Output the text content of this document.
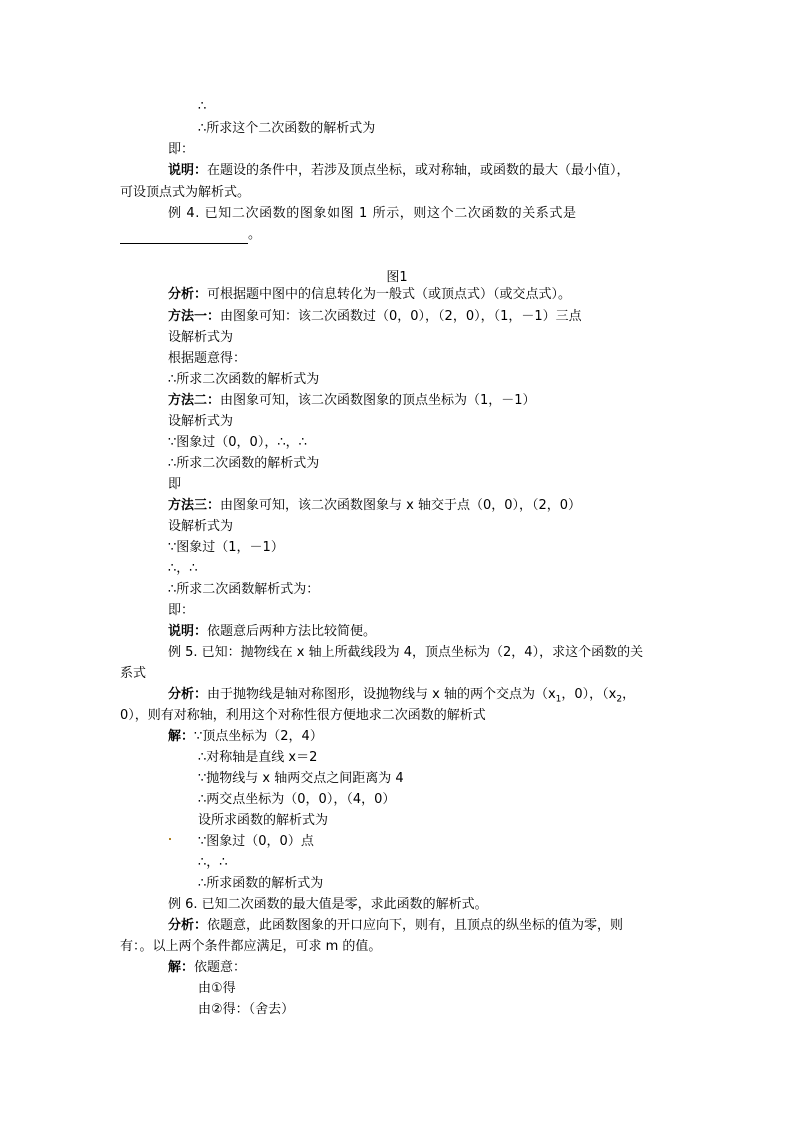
∴
∴所求这个二次函数的解析式为
即：
说明：在题设的条件中，若涉及顶点坐标，或对称轴，或函数的最大（最小值），
可设顶点式为解析式。
例 4. 已知二次函数的图象如图 1 所示，则这个二次函数的关系式是
。
图1
分析：可根据题中图中的信息转化为一般式（或顶点式）（或交点式）。
方法一：由图象可知：该二次函数过（0，0），（2，0），（1，－1）三点
设解析式为
根据题意得：
∴所求二次函数的解析式为
方法二：由图象可知，该二次函数图象的顶点坐标为（1，－1）
设解析式为
∵图象过（0，0），∴，∴
∴所求二次函数的解析式为
即
方法三：由图象可知，该二次函数图象与 x 轴交于点（0，0），（2，0）
设解析式为
∵图象过（1，－1）
∴，∴
∴所求二次函数解析式为：
即：
说明：依题意后两种方法比较简便。
例 5. 已知：抛物线在 x 轴上所截线段为 4，顶点坐标为（2，4），求这个函数的关
系式
分析：由于抛物线是轴对称图形，设抛物线与 x 轴的两个交点为（$x_1$，0），（$x_2$，
0），则有对称轴，利用这个对称性很方便地求二次函数的解析式
解：∵顶点坐标为（2，4）
∴对称轴是直线 x＝2
∵抛物线与 x 轴两交点之间距离为 4
∴两交点坐标为（0，0），（4，0）
设所求函数的解析式为
∵图象过（0，0）点
∴，∴
∴所求函数的解析式为
例 6. 已知二次函数的最大值是零，求此函数的解析式。
分析：依题意，此函数图象的开口应向下，则有，且顶点的纵坐标的值为零，则
有：。以上两个条件都应满足，可求 m 的值。
解：依题意：
由①得
由②得：（舍去）
